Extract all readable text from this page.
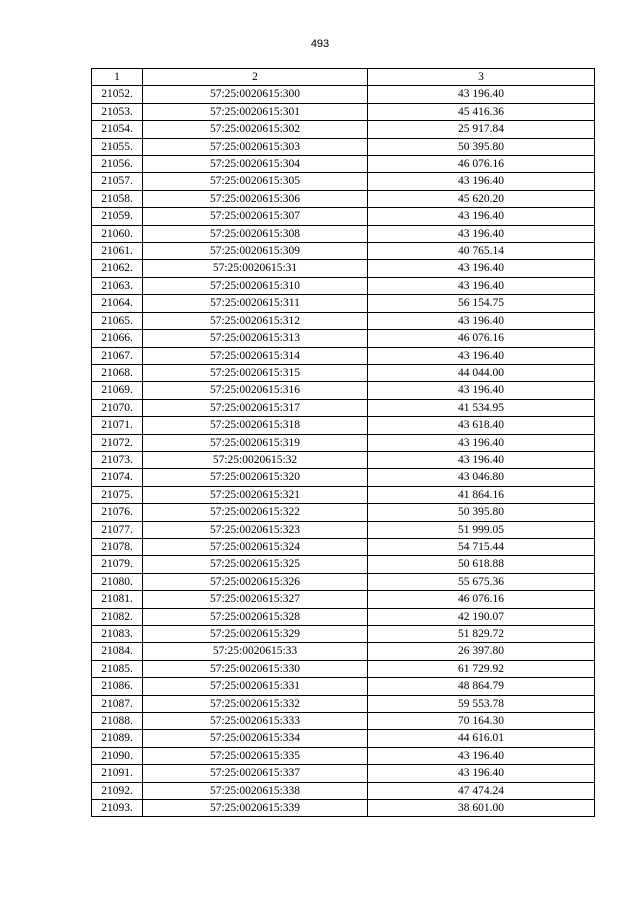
493
1	2	3
21052.	57:25:0020615:300	43 196.40
21053.	57:25:0020615:301	45 416.36
21054.	57:25:0020615:302	25 917.84
21055.	57:25:0020615:303	50 395.80
21056.	57:25:0020615:304	46 076.16
21057.	57:25:0020615:305	43 196.40
21058.	57:25:0020615:306	45 620.20
21059.	57:25:0020615:307	43 196.40
21060.	57:25:0020615:308	43 196.40
21061.	57:25:0020615:309	40 765.14
21062.	57:25:0020615:31	43 196.40
21063.	57:25:0020615:310	43 196.40
21064.	57:25:0020615:311	56 154.75
21065.	57:25:0020615:312	43 196.40
21066.	57:25:0020615:313	46 076.16
21067.	57:25:0020615:314	43 196.40
21068.	57:25:0020615:315	44 044.00
21069.	57:25:0020615:316	43 196.40
21070.	57:25:0020615:317	41 534.95
21071.	57:25:0020615:318	43 618.40
21072.	57:25:0020615:319	43 196.40
21073.	57:25:0020615:32	43 196.40
21074.	57:25:0020615:320	43 046.80
21075.	57:25:0020615:321	41 864.16
21076.	57:25:0020615:322	50 395.80
21077.	57:25:0020615:323	51 999.05
21078.	57:25:0020615:324	54 715.44
21079.	57:25:0020615:325	50 618.88
21080.	57:25:0020615:326	55 675.36
21081.	57:25:0020615:327	46 076.16
21082.	57:25:0020615:328	42 190.07
21083.	57:25:0020615:329	51 829.72
21084.	57:25:0020615:33	26 397.80
21085.	57:25:0020615:330	61 729.92
21086.	57:25:0020615:331	48 864.79
21087.	57:25:0020615:332	59 553.78
21088.	57:25:0020615:333	70 164.30
21089.	57:25:0020615:334	44 616.01
21090.	57:25:0020615:335	43 196.40
21091.	57:25:0020615:337	43 196.40
21092.	57:25:0020615:338	47 474.24
21093.	57:25:0020615:339	38 601.00
